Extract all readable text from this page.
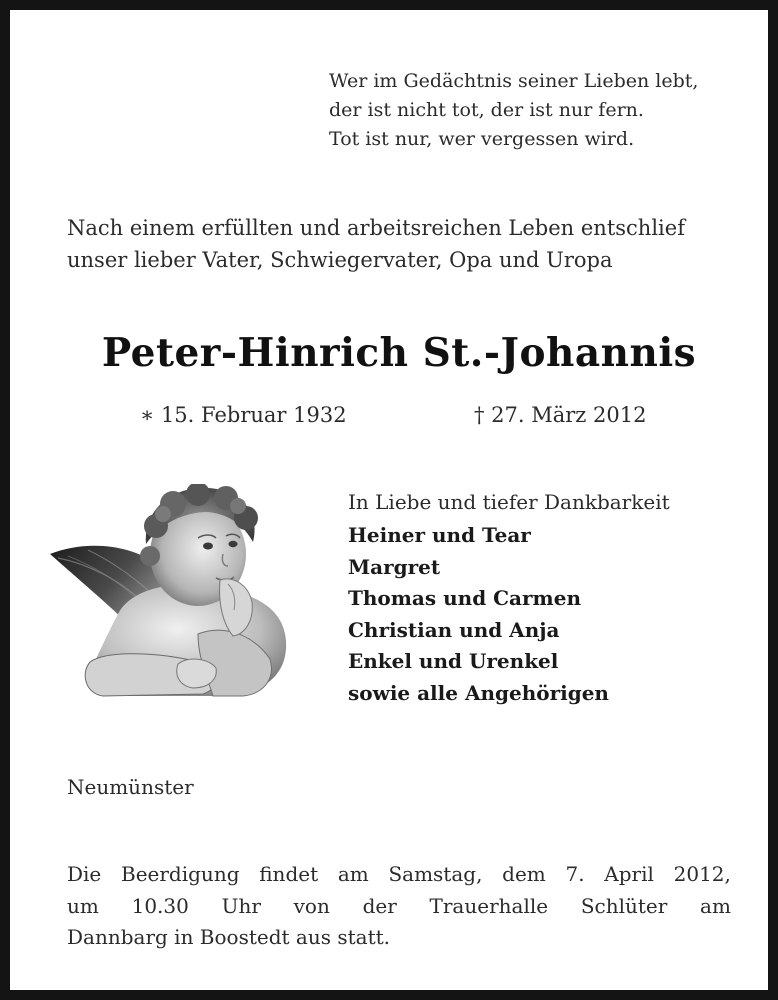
Wer im Gedächtnis seiner Lieben lebt,
der ist nicht tot, der ist nur fern.
Tot ist nur, wer vergessen wird.
Nach einem erfüllten und arbeitsreichen Leben entschlief
unser lieber Vater, Schwiegervater, Opa und Uropa
Peter-Hinrich St.-Johannis
∗ 15. Februar 1932	† 27. März 2012
In Liebe und tiefer Dankbarkeit
Heiner und Tear
Margret
Thomas und Carmen
Christian und Anja
Enkel und Urenkel
sowie alle Angehörigen
Neumünster
Die Beerdigung findet am Samstag, dem 7. April 2012,
um 10.30 Uhr von der Trauerhalle Schlüter am
Dannbarg in Boostedt aus statt.
